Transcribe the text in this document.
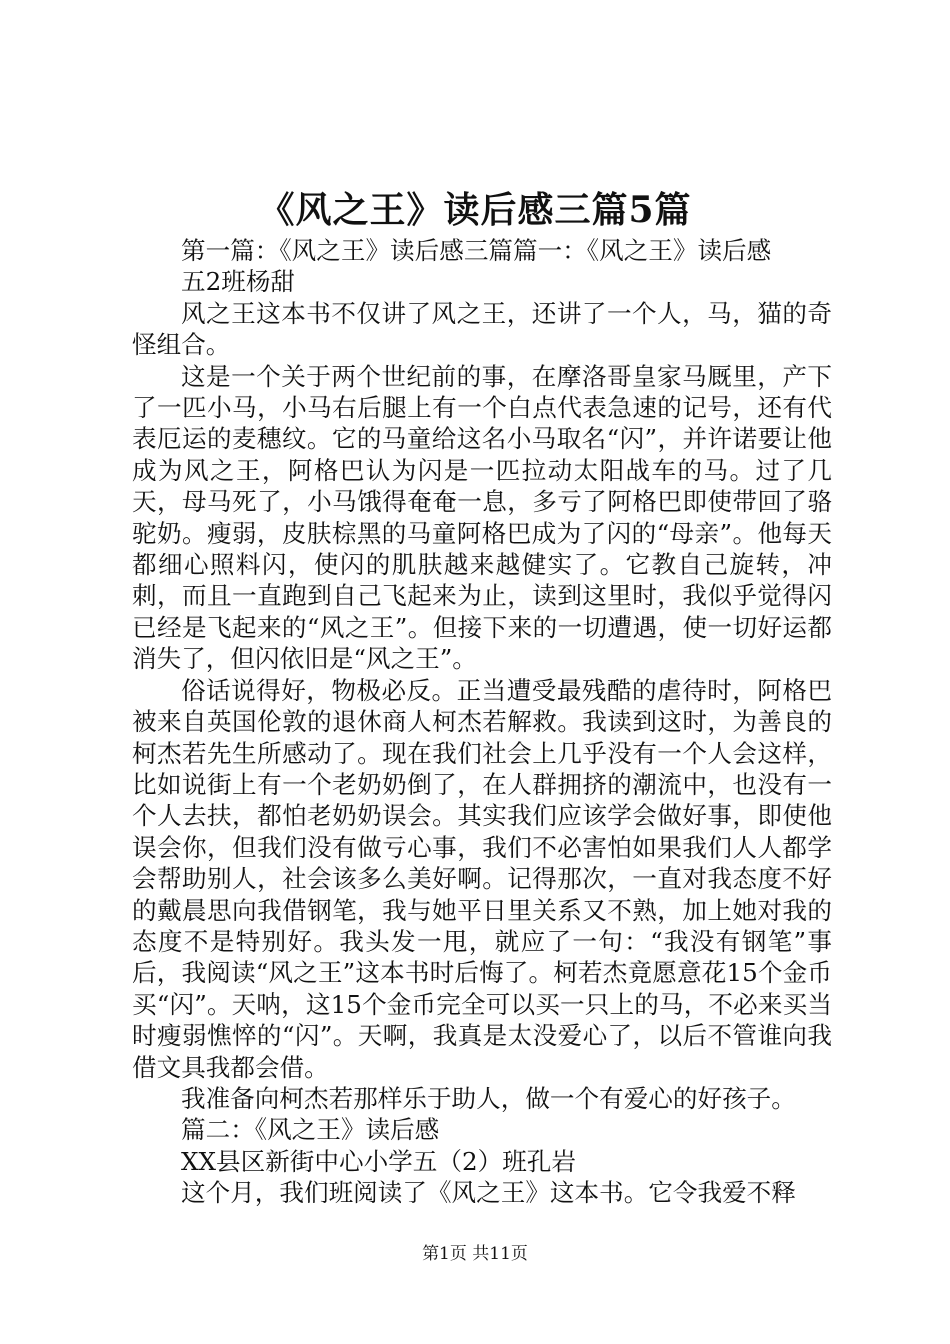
《风之王》读后感三篇5篇

第一篇：《风之王》读后感三篇篇一：《风之王》读后感

五2班杨甜

风之王这本书不仅讲了风之王，还讲了一个人，马，猫的奇怪组合。

这是一个关于两个世纪前的事，在摩洛哥皇家马厩里，产下了一匹小马，小马右后腿上有一个白点代表急速的记号，还有代表厄运的麦穗纹。它的马童给这名小马取名“闪”，并许诺要让他成为风之王，阿格巴认为闪是一匹拉动太阳战车的马。过了几天，母马死了，小马饿得奄奄一息，多亏了阿格巴即使带回了骆驼奶。瘦弱，皮肤棕黑的马童阿格巴成为了闪的“母亲”。他每天都细心照料闪，使闪的肌肤越来越健实了。它教自己旋转，冲刺，而且一直跑到自己飞起来为止，读到这里时，我似乎觉得闪已经是飞起来的“风之王”。但接下来的一切遭遇，使一切好运都消失了，但闪依旧是“风之王”。

俗话说得好，物极必反。正当遭受最残酷的虐待时，阿格巴被来自英国伦敦的退休商人柯杰若解救。我读到这时，为善良的柯杰若先生所感动了。现在我们社会上几乎没有一个人会这样，比如说街上有一个老奶奶倒了，在人群拥挤的潮流中，也没有一个人去扶，都怕老奶奶误会。其实我们应该学会做好事，即使他误会你，但我们没有做亏心事，我们不必害怕如果我们人人都学会帮助别人，社会该多么美好啊。记得那次，一直对我态度不好的戴晨思向我借钢笔，我与她平日里关系又不熟，加上她对我的态度不是特别好。我头发一甩，就应了一句：“我没有钢笔”事后，我阅读“风之王”这本书时后悔了。柯若杰竟愿意花15个金币买“闪”。天呐，这15个金币完全可以买一只上的马，不必来买当时瘦弱憔悴的“闪”。天啊，我真是太没爱心了，以后不管谁向我借文具我都会借。

我准备向柯杰若那样乐于助人，做一个有爱心的好孩子。

篇二：《风之王》读后感

XX县区新街中心小学五（2）班孔岩

这个月，我们班阅读了《风之王》这本书。它令我爱不释

第1页 共11页
